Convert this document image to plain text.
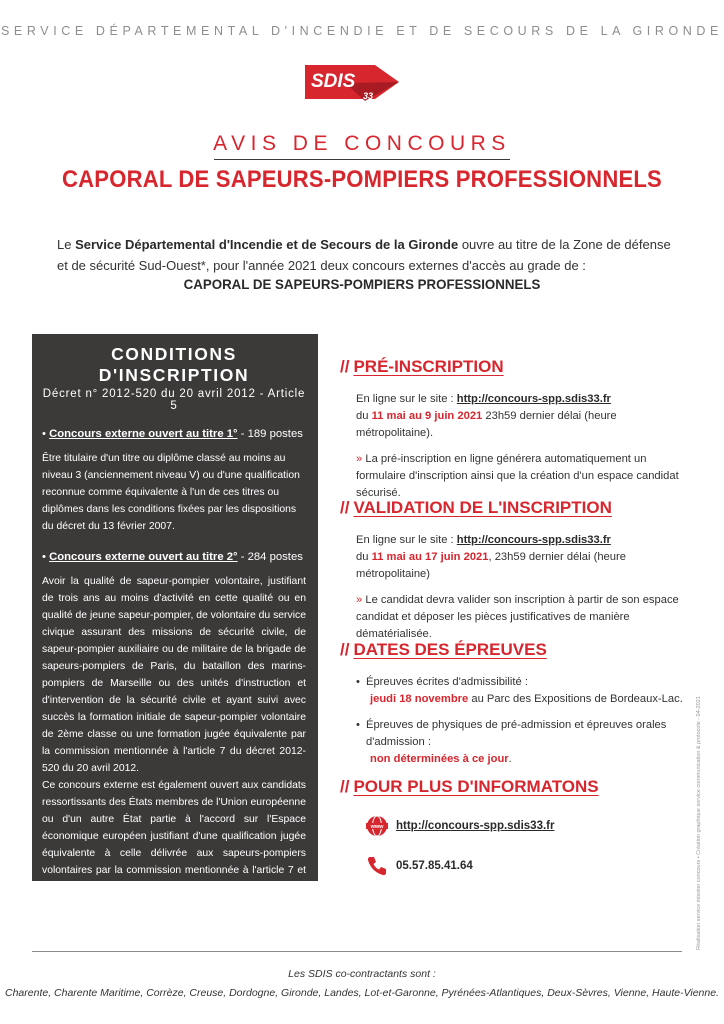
SERVICE DÉPARTEMENTAL D'INCENDIE ET DE SECOURS DE LA GIRONDE
SDIS
33
AVIS DE CONCOURS
CAPORAL DE SAPEURS-POMPIERS PROFESSIONNELS
Le Service Départemental d'Incendie et de Secours de la Gironde ouvre au titre de la Zone de défense et de sécurité Sud-Ouest*, pour l'année 2021 deux concours externes d'accès au grade de :
CAPORAL DE SAPEURS-POMPIERS PROFESSIONNELS
CONDITIONS D'INSCRIPTION
Décret n° 2012-520 du 20 avril 2012 - Article 5
• Concours externe ouvert au titre 1° - 189 postes
Être titulaire d'un titre ou diplôme classé au moins au niveau 3 (anciennement niveau V) ou d'une qualification reconnue comme équivalente à l'un de ces titres ou diplômes dans les conditions fixées par les dispositions du décret du 13 février 2007.
• Concours externe ouvert au titre 2° - 284 postes
Avoir la qualité de sapeur-pompier volontaire, justifiant de trois ans au moins d'activité en cette qualité ou en qualité de jeune sapeur-pompier, de volontaire du service civique assurant des missions de sécurité civile, de sapeur-pompier auxiliaire ou de militaire de la brigade de sapeurs-pompiers de Paris, du bataillon des marins-pompiers de Marseille ou des unités d'instruction et d'intervention de la sécurité civile et ayant suivi avec succès la formation initiale de sapeur-pompier volontaire de 2ème classe ou une formation jugée équivalente par la commission mentionnée à l'article 7 du décret 2012-520 du 20 avril 2012.
Ce concours externe est également ouvert aux candidats ressortissants des États membres de l'Union européenne ou d'un autre État partie à l'accord sur l'Espace économique européen justifiant d'une qualification jugée équivalente à celle délivrée aux sapeurs-pompiers volontaires par la commission mentionnée à l'article 7 et de trois ans d'activité.
// PRÉ-INSCRIPTION

En ligne sur le site : http://concours-spp.sdis33.fr
du 11 mai au 9 juin 2021 23h59 dernier délai (heure métropolitaine).

» La pré-inscription en ligne générera automatiquement un formulaire d'inscription ainsi que la création d'un espace candidat sécurisé.

// VALIDATION DE L'INSCRIPTION

En ligne sur le site : http://concours-spp.sdis33.fr
du 11 mai au 17 juin 2021, 23h59 dernier délai (heure métropolitaine)

» Le candidat devra valider son inscription à partir de son espace candidat et déposer les pièces justificatives de manière dématérialisée.

// DATES DES ÉPREUVES

• Épreuves écrites d'admissibilité :
jeudi 18 novembre au Parc des Expositions de Bordeaux-Lac.

• Épreuves de physiques de pré-admission et épreuves orales d'admission :
non déterminées à ce jour.

// POUR PLUS D'INFORMATONS
www http://concours-spp.sdis33.fr
05.57.85.41.64	Réalisation service mission concours • Création graphique service communication & protocole - 04-2021
Les SDIS co-contractants sont :
Charente, Charente Maritime, Corrèze, Creuse, Dordogne, Gironde, Landes, Lot-et-Garonne, Pyrénées-Atlantiques, Deux-Sèvres, Vienne, Haute-Vienne.
